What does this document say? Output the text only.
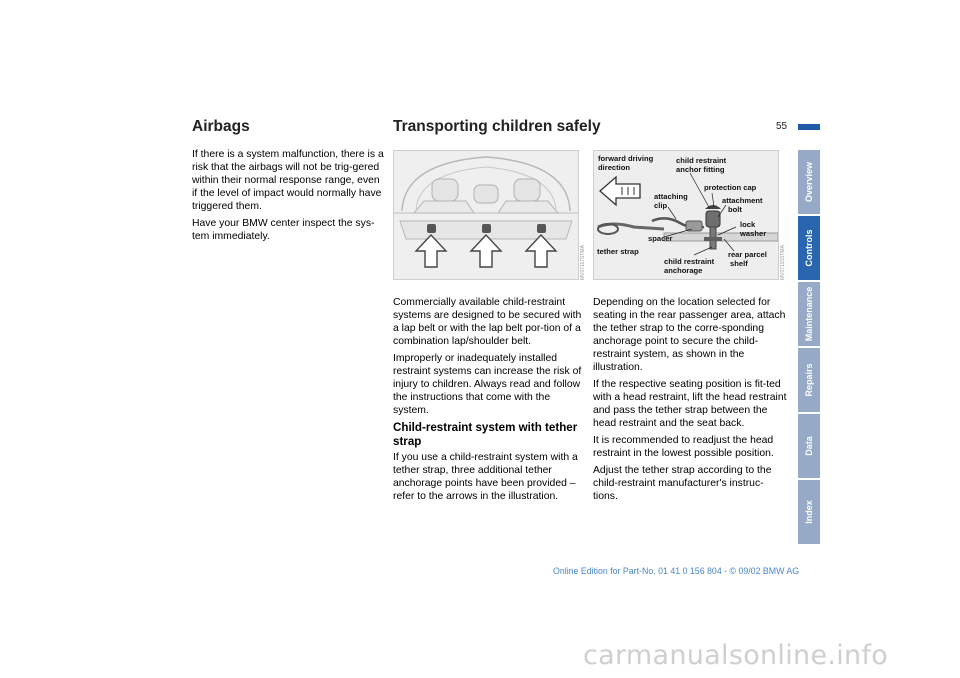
55
Airbags

If there is a system malfunction, there is a risk that the airbags will not be trig-gered within their normal response range, even if the level of impact would normally have triggered them.

Have your BMW center inspect the sys-tem immediately.

Transporting children safely
MV07117STMA
forward driving
direction
child restraint
anchor fitting
attaching
clip
protection cap
attachment
bolt
lock
washer
spacer
rear parcel
shelf
tether strap
child restraint
anchorage	MV07115STMA

Commercially available child-restraint systems are designed to be secured with a lap belt or with the lap belt por-tion of a combination lap/shoulder belt.

Improperly or inadequately installed restraint systems can increase the risk of injury to children. Always read and follow the instructions that come with the system.

Child-restraint system with tether strap

If you use a child-restraint system with a tether strap, three additional tether anchorage points have been provided – refer to the arrows in the illustration.

Depending on the location selected for seating in the rear passenger area, attach the tether strap to the corre-sponding anchorage point to secure the child-restraint system, as shown in the illustration.

If the respective seating position is fit-ted with a head restraint, lift the head restraint and pass the tether strap between the head restraint and the seat back.

It is recommended to readjust the head restraint in the lowest possible position.

Adjust the tether strap according to the child-restraint manufacturer's instruc-tions.

Overview
Controls
Maintenance
Repairs
Data
Index
Online Edition for Part-No. 01 41 0 156 804 - © 09/02 BMW AG
carmanualsonline.info
